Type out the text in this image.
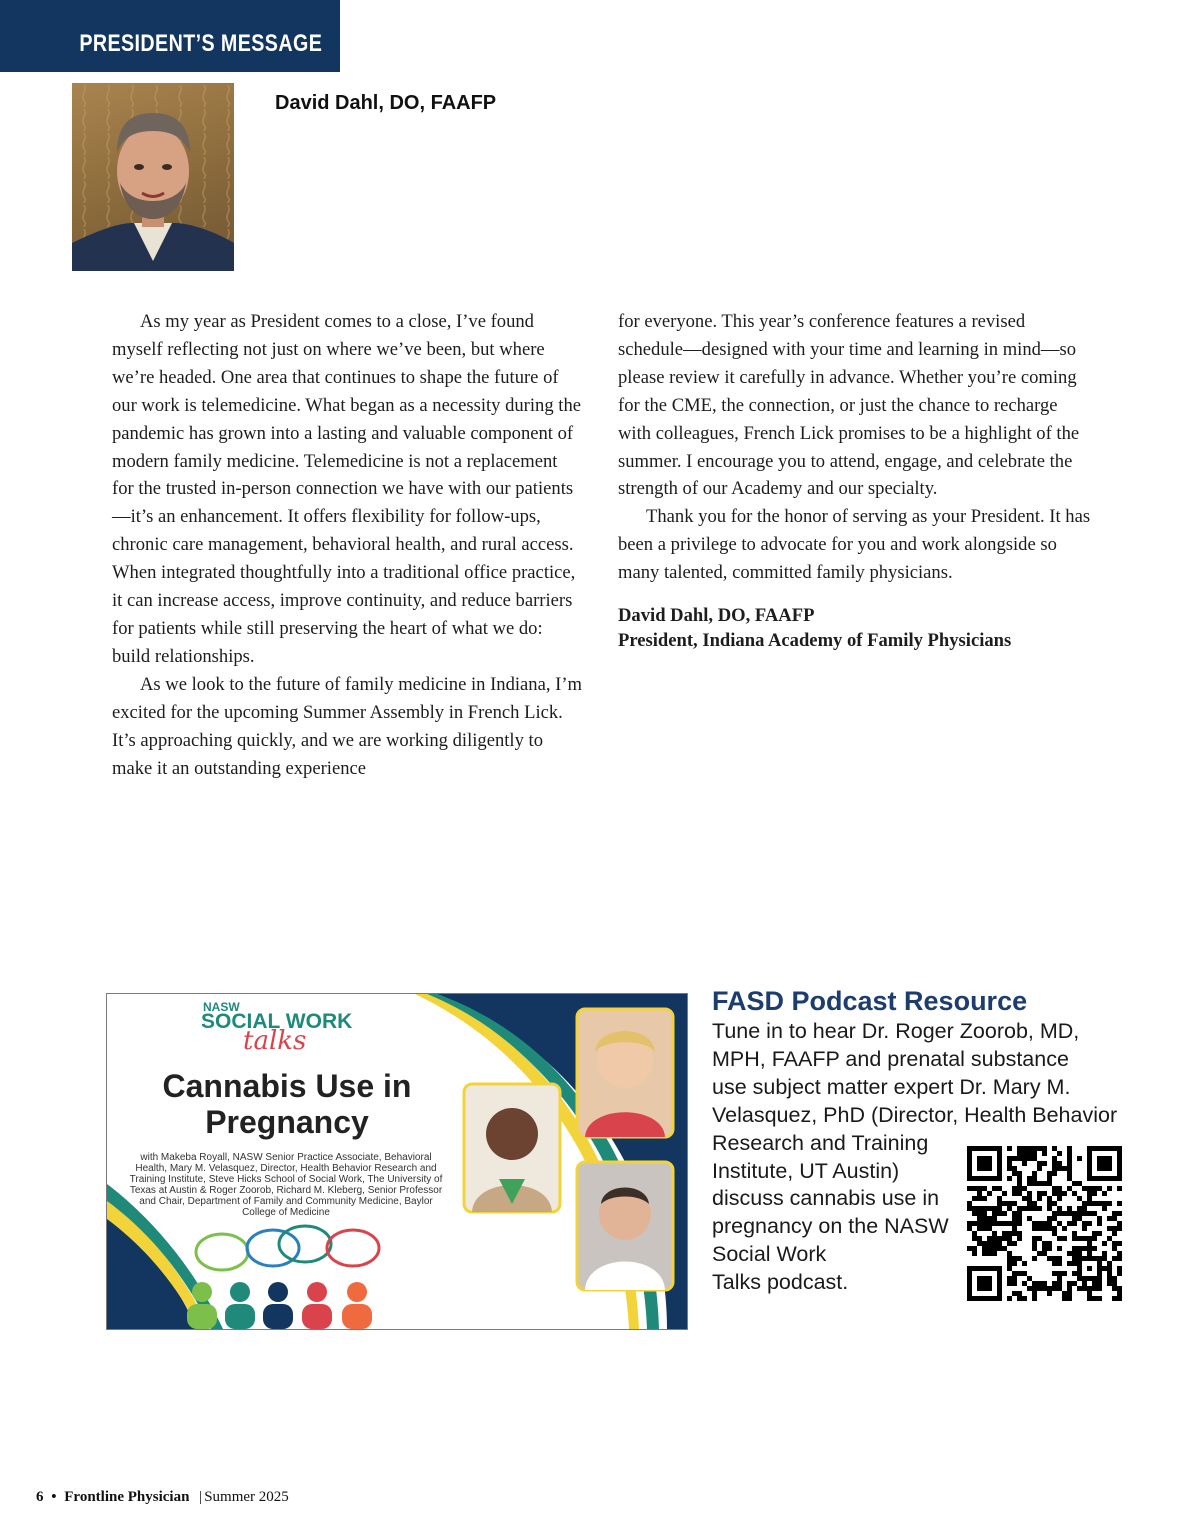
PRESIDENT’S MESSAGE
David Dahl, DO, FAAFP

As my year as President comes to a close, I’ve found myself reflecting not just on where we’ve been, but where we’re headed. One area that continues to shape the future of our work is telemedicine. What began as a necessity during the pandemic has grown into a lasting and valuable component of modern family medicine. Telemedicine is not a replacement for the trusted in-person connection we have with our patients—it’s an enhancement. It offers flexibility for follow-ups, chronic care management, behavioral health, and rural access. When integrated thoughtfully into a traditional office practice, it can increase access, improve continuity, and reduce barriers for patients while still preserving the heart of what we do: build relationships.

As we look to the future of family medicine in Indiana, I’m excited for the upcoming Summer Assembly in French Lick. It’s approaching quickly, and we are working diligently to make it an outstanding experience

for everyone. This year’s conference features a revised schedule—designed with your time and learning in mind—so please review it carefully in advance. Whether you’re coming for the CME, the connection, or just the chance to recharge with colleagues, French Lick promises to be a highlight of the summer. I encourage you to attend, engage, and celebrate the strength of our Academy and our specialty.

Thank you for the honor of serving as your President. It has been a privilege to advocate for you and work alongside so many talented, committed family physicians.

David Dahl, DO, FAAFP
President, Indiana Academy of Family Physicians

NASW
SOCIAL WORK
talks
Cannabis Use in
Pregnancy
with Makeba Royall, NASW Senior Practice Associate, Behavioral
Health, Mary M. Velasquez, Director, Health Behavior Research and
Training Institute, Steve Hicks School of Social Work, The University of
Texas at Austin & Roger Zoorob, Richard M. Kleberg, Senior Professor
and Chair, Department of Family and Community Medicine, Baylor
College of Medicine
FASD Podcast Resource
Tune in to hear Dr. Roger Zoorob, MD,
MPH, FAAFP and prenatal substance
use subject matter expert Dr. Mary M.
Velasquez, PhD (Director, Health Behavior
Research and Training
Institute, UT Austin)
discuss cannabis use in
pregnancy on the NASW
Social Work
Talks podcast.
6 • Frontline Physician | Summer 2025
